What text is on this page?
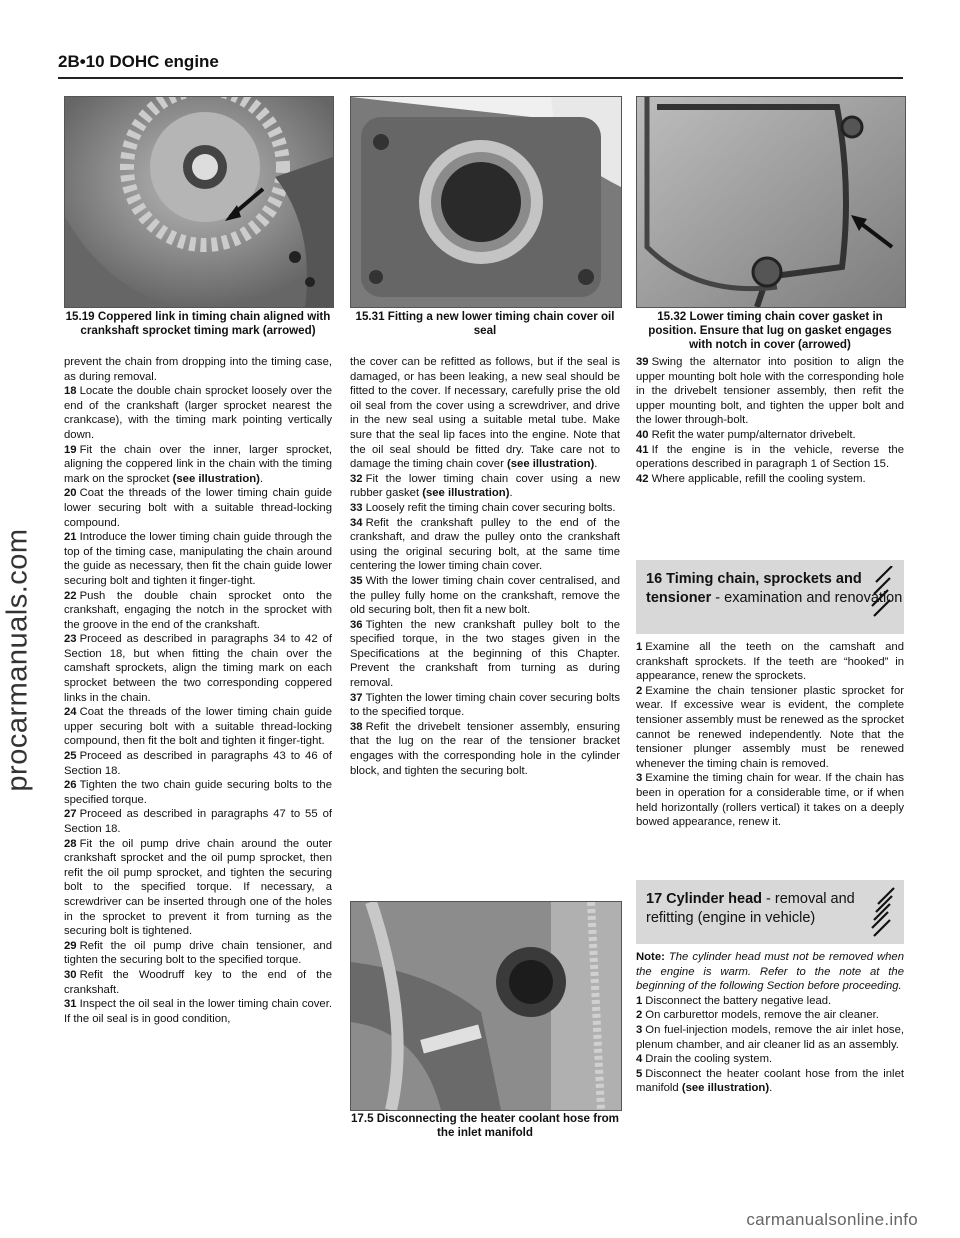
2B•10 DOHC engine
procarmanuals.com
15.19 Coppered link in timing chain aligned with crankshaft sprocket timing mark (arrowed)
15.31 Fitting a new lower timing chain cover oil seal
15.32 Lower timing chain cover gasket in position. Ensure that lug on gasket engages with notch in cover (arrowed)

prevent the chain from dropping into the timing case, as during removal.

18 Locate the double chain sprocket loosely over the end of the crankshaft (larger sprocket nearest the crankcase), with the timing mark pointing vertically down.

19 Fit the chain over the inner, larger sprocket, aligning the coppered link in the chain with the timing mark on the sprocket (see illustration).

20 Coat the threads of the lower timing chain guide lower securing bolt with a suitable thread-locking compound.

21 Introduce the lower timing chain guide through the top of the timing case, manipulating the chain around the guide as necessary, then fit the chain guide lower securing bolt and tighten it finger-tight.

22 Push the double chain sprocket onto the crankshaft, engaging the notch in the sprocket with the groove in the end of the crankshaft.

23 Proceed as described in paragraphs 34 to 42 of Section 18, but when fitting the chain over the camshaft sprockets, align the timing mark on each sprocket between the two corresponding coppered links in the chain.

24 Coat the threads of the lower timing chain guide upper securing bolt with a suitable thread-locking compound, then fit the bolt and tighten it finger-tight.

25 Proceed as described in paragraphs 43 to 46 of Section 18.

26 Tighten the two chain guide securing bolts to the specified torque.

27 Proceed as described in paragraphs 47 to 55 of Section 18.

28 Fit the oil pump drive chain around the outer crankshaft sprocket and the oil pump sprocket, then refit the oil pump sprocket, and tighten the securing bolt to the specified torque. If necessary, a screwdriver can be inserted through one of the holes in the sprocket to prevent it from turning as the securing bolt is tightened.

29 Refit the oil pump drive chain tensioner, and tighten the securing bolt to the specified torque.

30 Refit the Woodruff key to the end of the crankshaft.

31 Inspect the oil seal in the lower timing chain cover. If the oil seal is in good condition,

the cover can be refitted as follows, but if the seal is damaged, or has been leaking, a new seal should be fitted to the cover. If necessary, carefully prise the old oil seal from the cover using a screwdriver, and drive in the new seal using a suitable metal tube. Make sure that the seal lip faces into the engine. Note that the oil seal should be fitted dry. Take care not to damage the timing chain cover (see illustration).

32 Fit the lower timing chain cover using a new rubber gasket (see illustration).

33 Loosely refit the timing chain cover securing bolts.

34 Refit the crankshaft pulley to the end of the crankshaft, and draw the pulley onto the crankshaft using the original securing bolt, at the same time centering the lower timing chain cover.

35 With the lower timing chain cover centralised, and the pulley fully home on the crankshaft, remove the old securing bolt, then fit a new bolt.

36 Tighten the new crankshaft pulley bolt to the specified torque, in the two stages given in the Specifications at the beginning of this Chapter. Prevent the crankshaft from turning as during removal.

37 Tighten the lower timing chain cover securing bolts to the specified torque.

38 Refit the drivebelt tensioner assembly, ensuring that the lug on the rear of the tensioner bracket engages with the corresponding hole in the cylinder block, and tighten the securing bolt.

17.5 Disconnecting the heater coolant hose from the inlet manifold

39 Swing the alternator into position to align the upper mounting bolt hole with the corresponding hole in the drivebelt tensioner assembly, then refit the upper mounting bolt, and tighten the upper bolt and the lower through-bolt.

40 Refit the water pump/alternator drivebelt.

41 If the engine is in the vehicle, reverse the operations described in paragraph 1 of Section 15.

42 Where applicable, refill the cooling system.

16 Timing chain, sprockets and tensioner - examination and renovation

1 Examine all the teeth on the camshaft and crankshaft sprockets. If the teeth are “hooked” in appearance, renew the sprockets.

2 Examine the chain tensioner plastic sprocket for wear. If excessive wear is evident, the complete tensioner assembly must be renewed as the sprocket cannot be renewed independently. Note that the tensioner plunger assembly must be renewed whenever the timing chain is removed.

3 Examine the timing chain for wear. If the chain has been in operation for a considerable time, or if when held horizontally (rollers vertical) it takes on a deeply bowed appearance, renew it.

17 Cylinder head - removal and refitting (engine in vehicle)

Note: The cylinder head must not be removed when the engine is warm. Refer to the note at the beginning of the following Section before proceeding.

1 Disconnect the battery negative lead.

2 On carburettor models, remove the air cleaner.

3 On fuel-injection models, remove the air inlet hose, plenum chamber, and air cleaner lid as an assembly.

4 Drain the cooling system.

5 Disconnect the heater coolant hose from the inlet manifold (see illustration).

carmanualsonline.info
